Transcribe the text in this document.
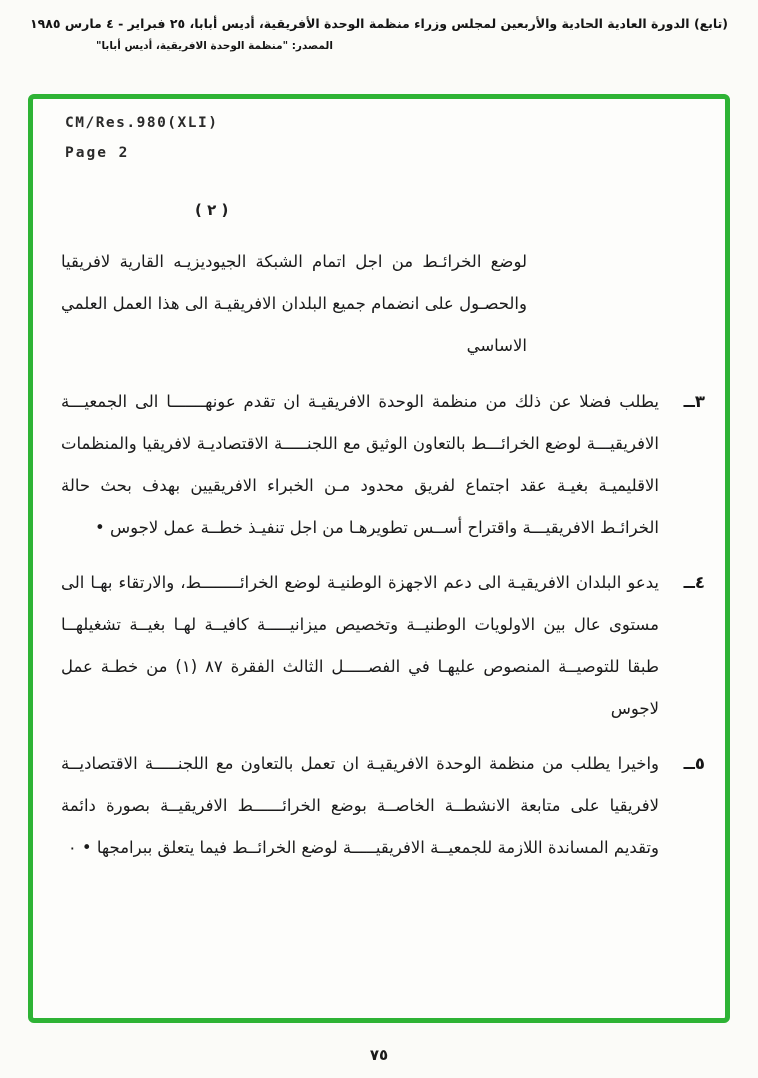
(تابع) الدورة العادية الحادية والأربعين لمجلس وزراء منظمة الوحدة الأفريقية، أديس أبابا، ٢٥ فبراير - ٤ مارس ١٩٨٥
المصدر: "منظمة الوحدة الافريقية، أديس أبابا"
CM/Res.980(XLI)
Page 2
( ٢ )

لوضع الخرائـط من اجل اتمام الشبكة الجيوديزيـه القارية لافريقيا والحصـول على انضمام جميع البلدان الافريقيـة الى هذا العمل العلمي الاساسي

٣ــ
يطلب فضلا عن ذلك من منظمة الوحدة الافريقيـة ان تقدم عونهـــــــا الى الجمعيـــة الافريقيـــة لوضع الخرائـــط بالتعاون الوثيق مع اللجنـــــة الاقتصاديـة لافريقيا والمنظمات الاقليميـة بغيـة عقد اجتماع لفريق محدود مـن الخبراء الافريقيين بهدف بحث حالة الخرائـط الافريقيـــة واقتراح أســس تطويرهـا من اجل تنفيـذ خطــة عمل لاجوس •
٤ــ
يدعو البلدان الافريقيـة الى دعم الاجهزة الوطنيـة لوضع الخرائــــــــط، والارتقاء بهـا الى مستوى عال بين الاولويات الوطنيــة وتخصيص ميزانيـــــة كافيــة لهـا بغيــة تشغيلهــا طبقا للتوصيــة المنصوص عليهـا في الفصـــــل الثالث الفقرة ٨٧ (١) من خطـة عمل لاجوس
٥ــ
واخيرا يطلب من منظمة الوحدة الافريقيـة ان تعمل بالتعاون مع اللجنـــــة الاقتصاديــة لافريقيا على متابعة الانشطــة الخاصــة بوضع الخرائــــــط الافريقيــة بصورة دائمة وتقديم المساندة اللازمة للجمعيــة الافريقيـــــة لوضع الخرائــط فيما يتعلق ببرامجها • ٠
٧٥
